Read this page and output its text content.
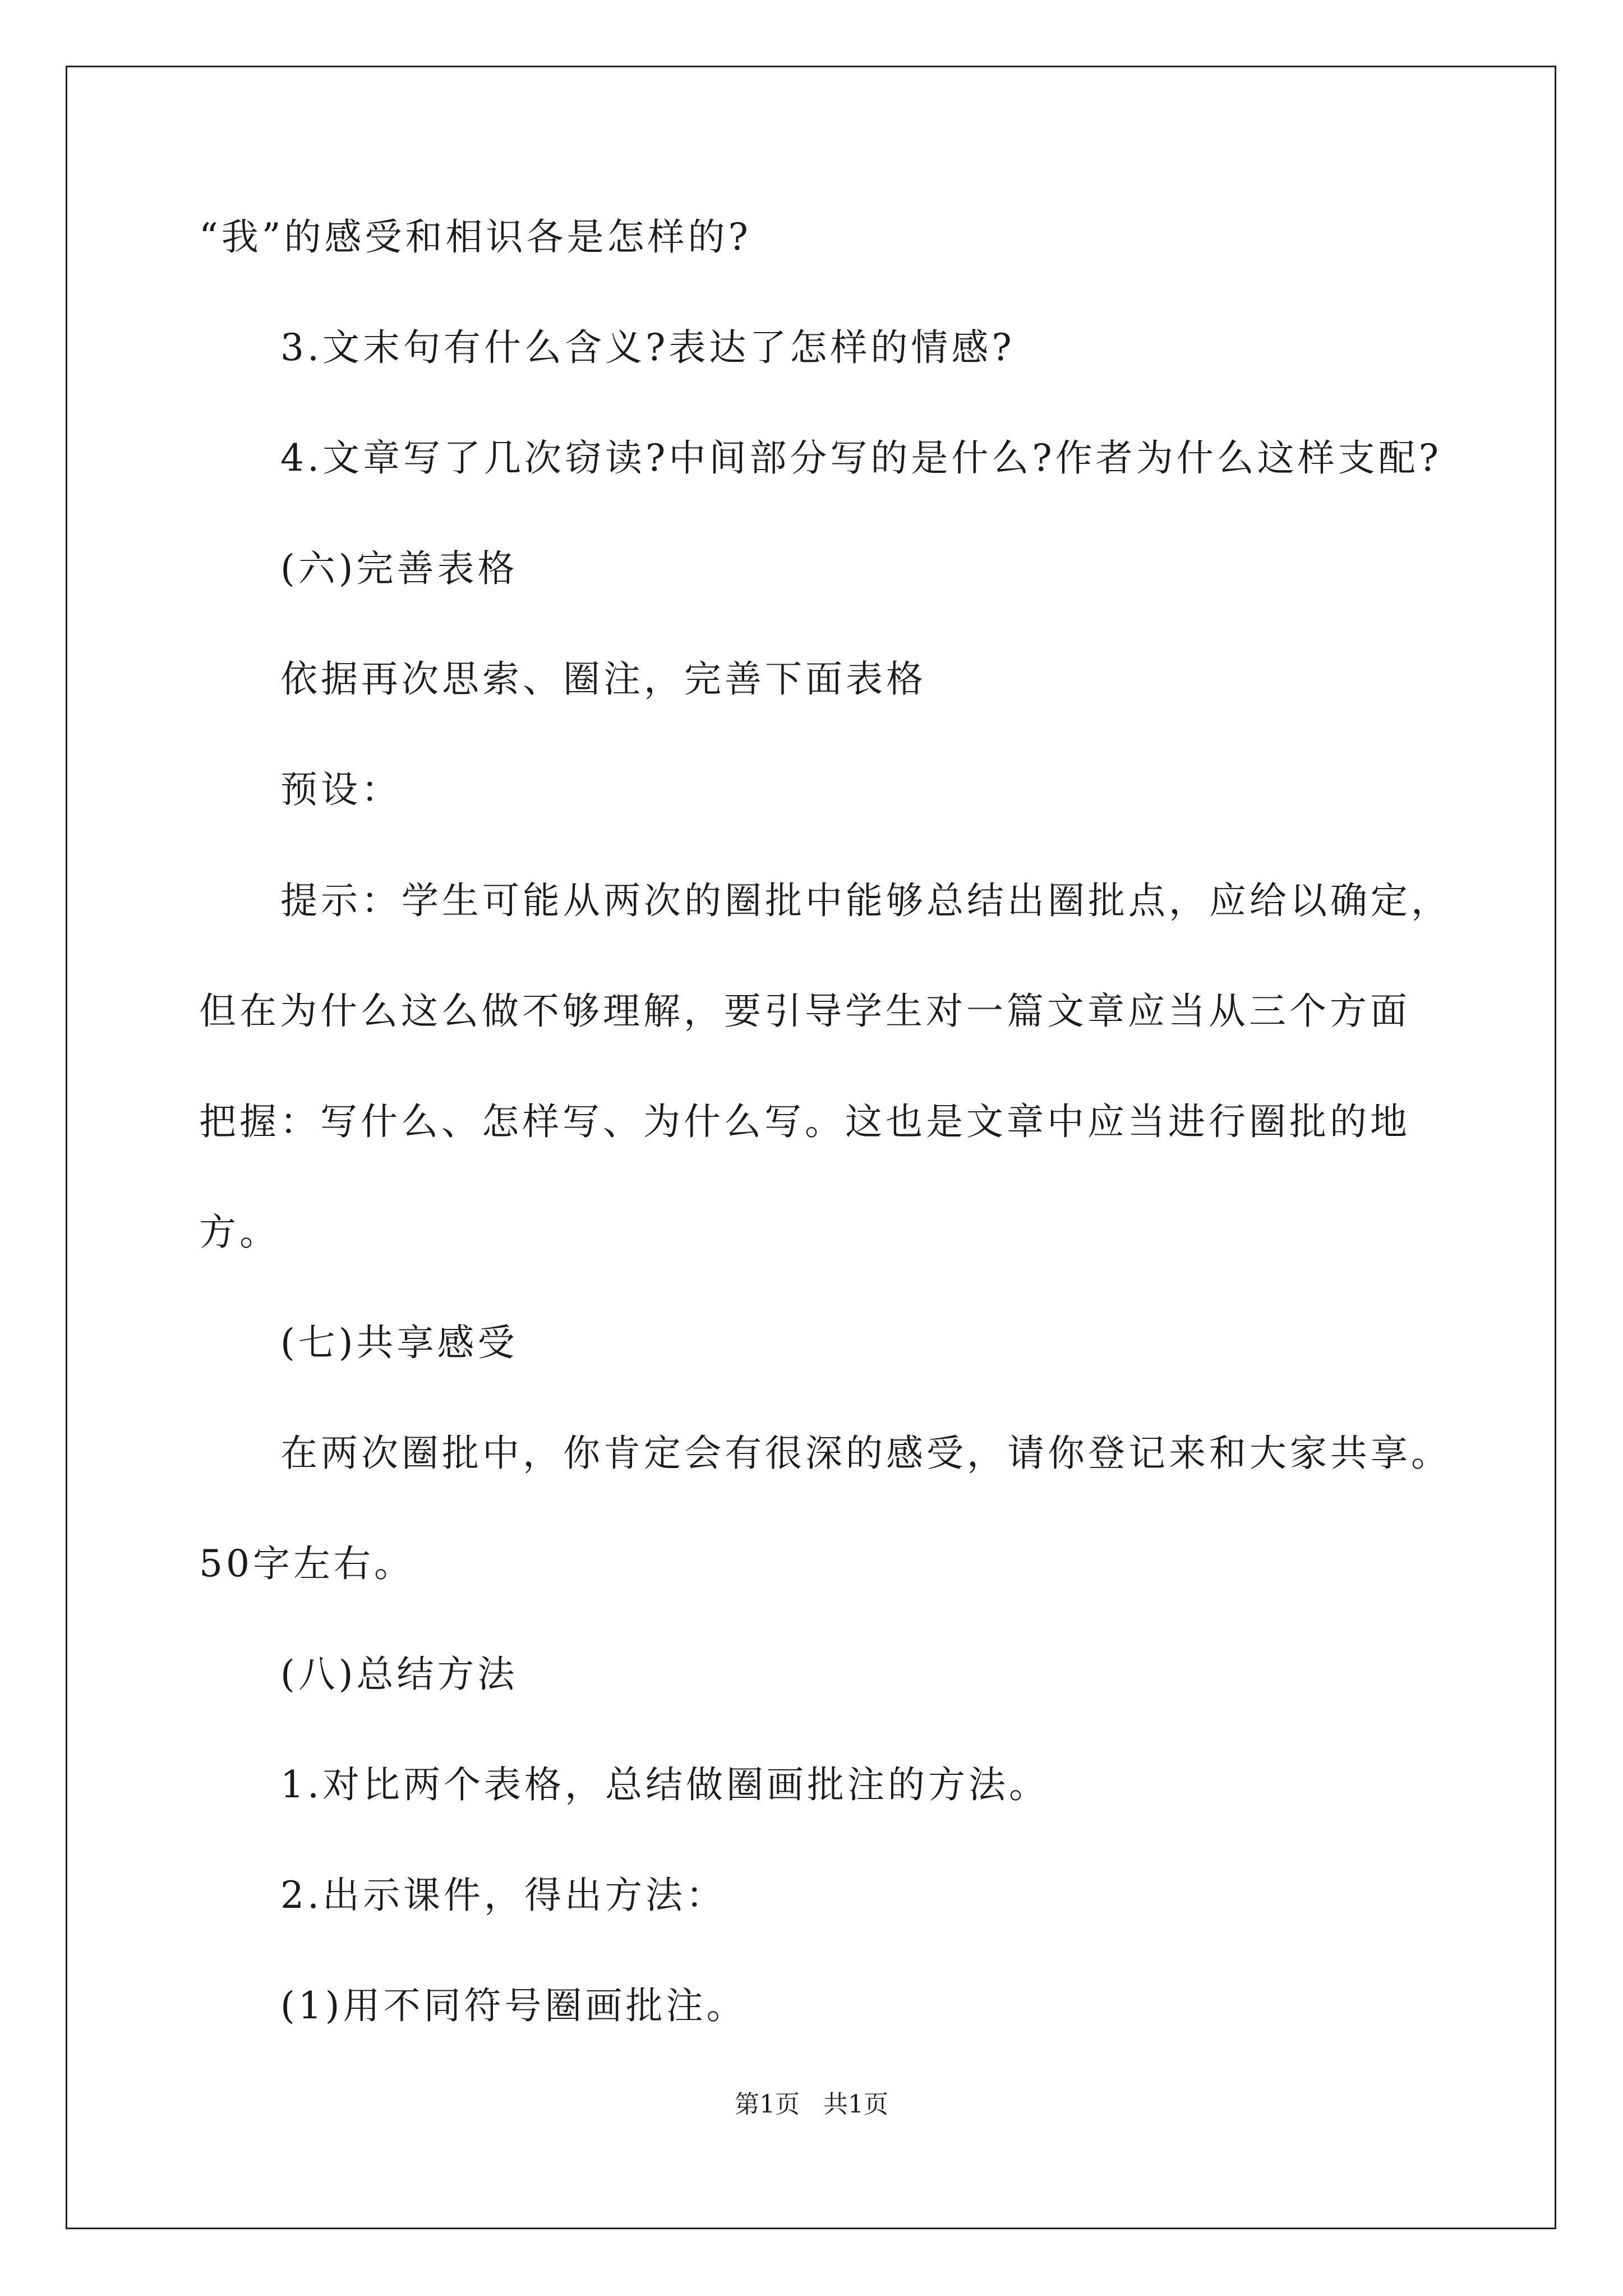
“我”的感受和相识各是怎样的?
3.文末句有什么含义?表达了怎样的情感?
4.文章写了几次窃读?中间部分写的是什么?作者为什么这样支配?
(六)完善表格
依据再次思索、圈注，完善下面表格
预设：
提示：学生可能从两次的圈批中能够总结出圈批点，应给以确定，
但在为什么这么做不够理解，要引导学生对一篇文章应当从三个方面
把握：写什么、怎样写、为什么写。这也是文章中应当进行圈批的地
方。
(七)共享感受
在两次圈批中，你肯定会有很深的感受，请你登记来和大家共享。
50字左右。
(八)总结方法
1.对比两个表格，总结做圈画批注的方法。
2.出示课件，得出方法：
(1)用不同符号圈画批注。
第1页   共1页
